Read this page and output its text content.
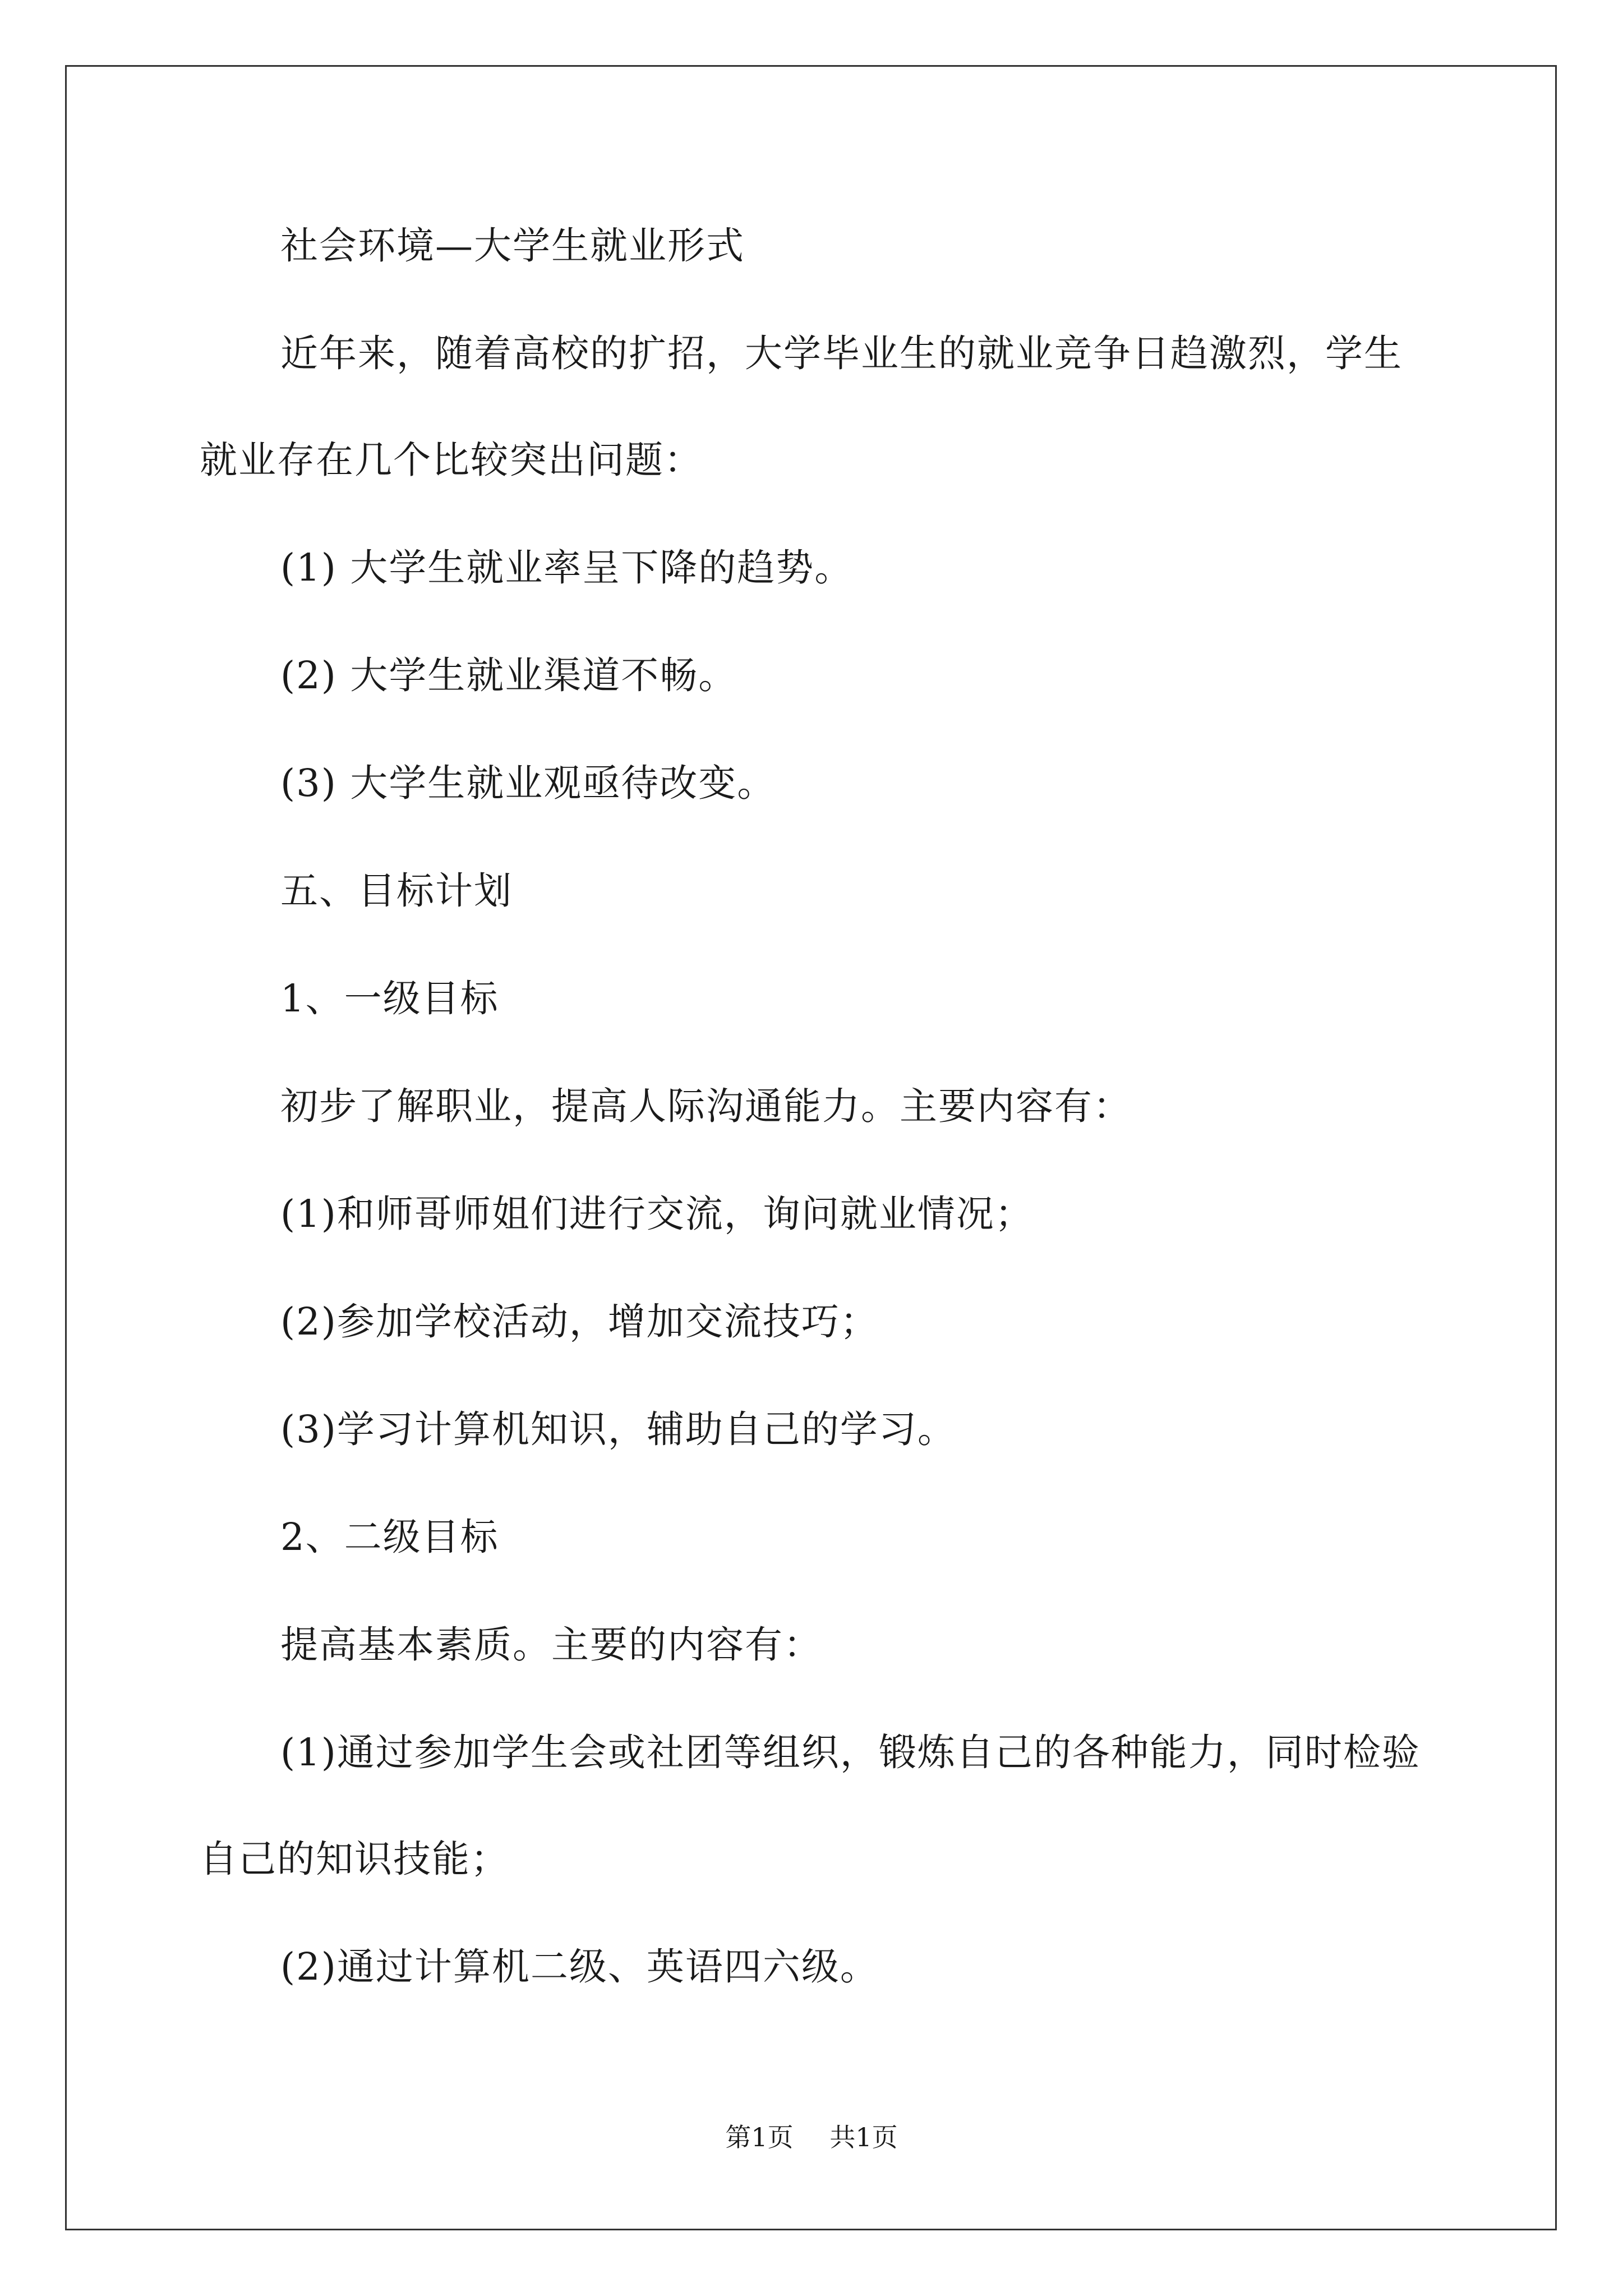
社会环境—大学生就业形式

近年来，随着高校的扩招，大学毕业生的就业竞争日趋激烈，学生就业存在几个比较突出问题：

(1) 大学生就业率呈下降的趋势。

(2) 大学生就业渠道不畅。

(3) 大学生就业观亟待改变。

五、目标计划

1、一级目标

初步了解职业，提高人际沟通能力。主要内容有：

(1)和师哥师姐们进行交流，询问就业情况；

(2)参加学校活动，增加交流技巧；

(3)学习计算机知识，辅助自己的学习。

2、二级目标

提高基本素质。主要的内容有：

(1)通过参加学生会或社团等组织，锻炼自己的各种能力，同时检验自己的知识技能；

(2)通过计算机二级、英语四六级。

第1页 共1页
